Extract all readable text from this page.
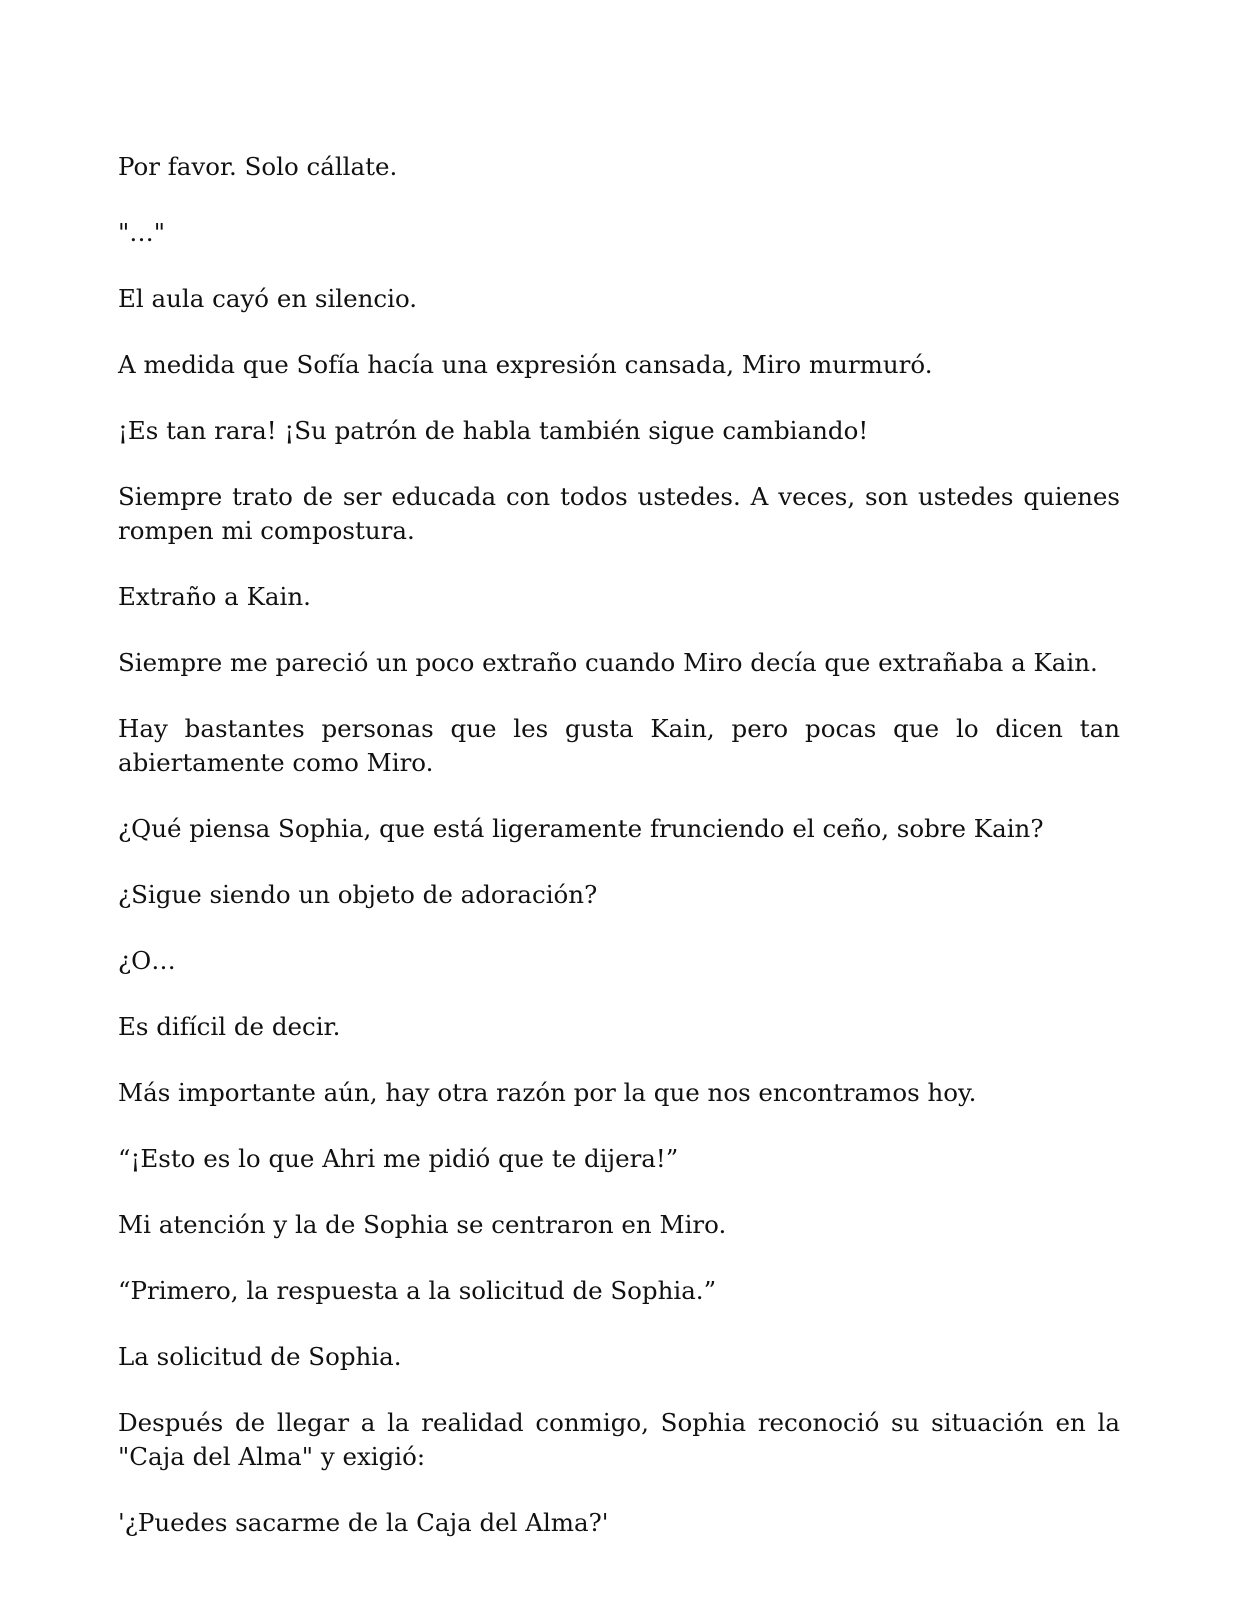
Por favor. Solo cállate.

"…"

El aula cayó en silencio.

A medida que Sofía hacía una expresión cansada, Miro murmuró.

¡Es tan rara! ¡Su patrón de habla también sigue cambiando!

Siempre trato de ser educada con todos ustedes. A veces, son ustedes quienes rompen mi compostura.

Extraño a Kain.

Siempre me pareció un poco extraño cuando Miro decía que extrañaba a Kain.

Hay bastantes personas que les gusta Kain, pero pocas que lo dicen tan abiertamente como Miro.

¿Qué piensa Sophia, que está ligeramente frunciendo el ceño, sobre Kain?

¿Sigue siendo un objeto de adoración?

¿O…

Es difícil de decir.

Más importante aún, hay otra razón por la que nos encontramos hoy.

“¡Esto es lo que Ahri me pidió que te dijera!”

Mi atención y la de Sophia se centraron en Miro.

“Primero, la respuesta a la solicitud de Sophia.”

La solicitud de Sophia.

Después de llegar a la realidad conmigo, Sophia reconoció su situación en la "Caja del Alma" y exigió:

'¿Puedes sacarme de la Caja del Alma?'
